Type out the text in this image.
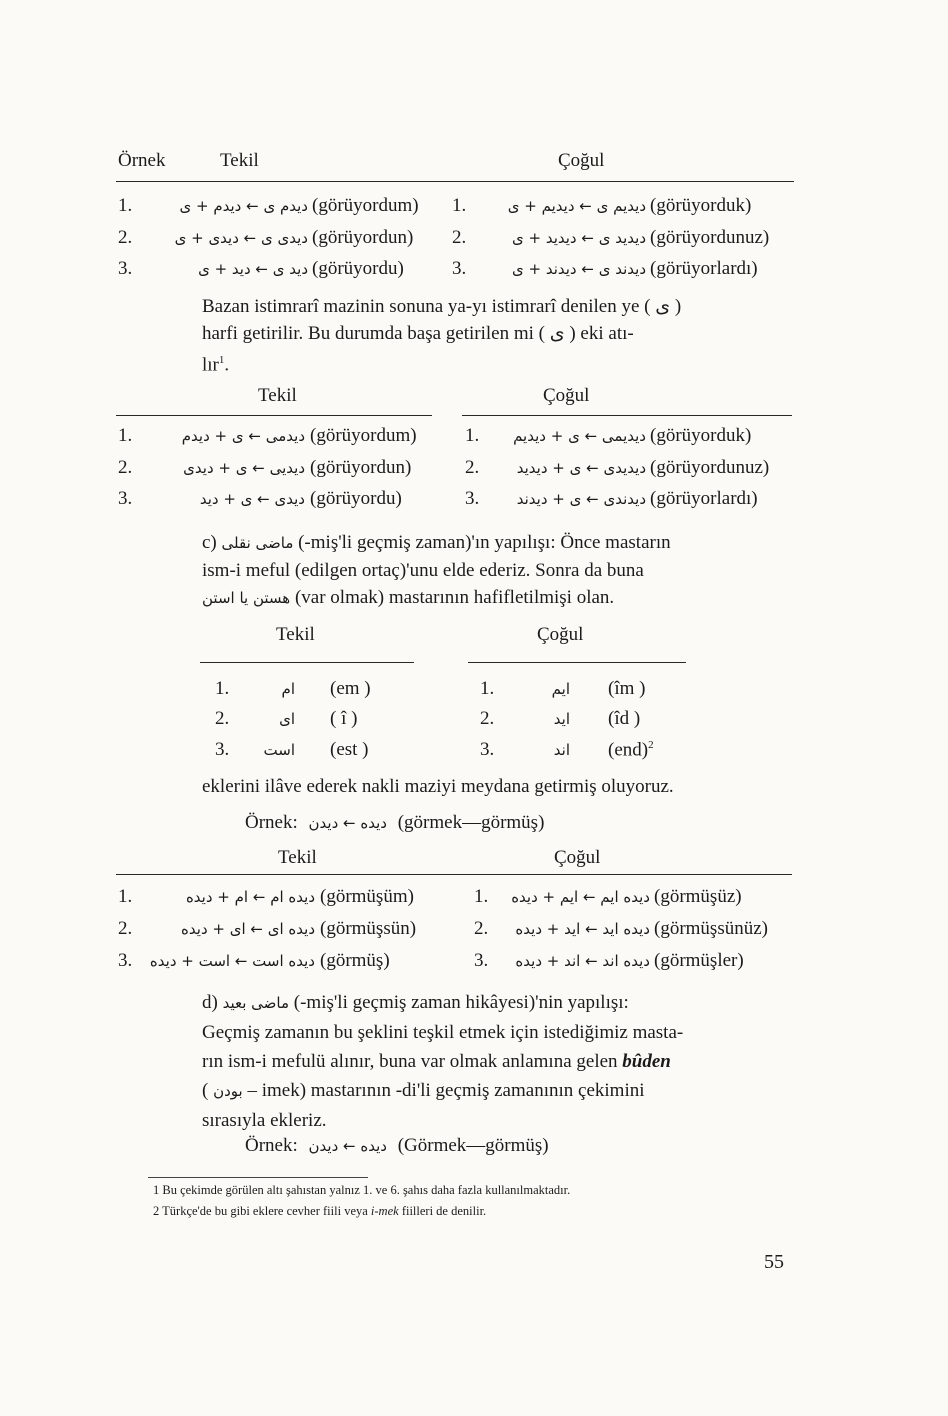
Örnek	Tekil	Çoğul
1.	دیدم ی ← دیدم + ی (görüyordum) 1.	دیدیم ی ← دیدیم + ی (görüyorduk)
2.	دیدی ی ← دیدی + ی (görüyordun) 2.	دیدید ی ← دیدید + ی (görüyordunuz)
3.	دید ی ← دید + ی (görüyordu)	3.	دیدند ی ← دیدند + ی (görüyorlardı)
Bazan istimrarî mazinin sonuna ya-yı istimrarî denilen ye ( ی )
harfi getirilir. Bu durumda başa getirilen mi ( ی ) eki atı-
lır$^1$.
Tekil	Çoğul
1.	دیدمی ← ی + دیدم (görüyordum)	1.	دیدیمی ← ی + دیدیم (görüyorduk)
2.	دیدیی ← ی + دیدی (görüyordun)	2.	دیدیدی ← ی + دیدید (görüyordunuz)
3.	دیدی ← ی + دید (görüyordu)	3.	دیدندی ← ی + دیدند (görüyorlardı)
c) ماضی نقلی (-miş'li geçmiş zaman)'ın yapılışı: Önce mastarın
ism-i meful (edilgen ortaç)'unu elde ederiz. Sonra da buna
هستن یا استن (var olmak) mastarının hafifletilmişi olan.
Tekil	Çoğul
1.	ام (em )	1.	ایم (îm )
2.	ای ( î )	2.	اید (îd )
3.	است (est )	3.	اند (end)$^2$
eklerini ilâve ederek nakli maziyi meydana getirmiş oluyoruz.
Örnek: دیده ← دیدن (görmek—görmüş)
Tekil	Çoğul
1.	دیده ام ← ام + دیده (görmüşüm)	1.	دیده ایم ← ایم + دیده (görmüşüz)
2.	دیده ای ← ای + دیده (görmüşsün)	2.	دیده اید ← اید + دیده (görmüşsünüz)
3.	دیده است ← است + دیده (görmüş)	3.	دیده اند ← اند + دیده (görmüşler)
d) ماضی بعید (-miş'li geçmiş zaman hikâyesi)'nin yapılışı:
Geçmiş zamanın bu şeklini teşkil etmek için istediğimiz masta-
rın ism-i mefulü alınır, buna var olmak anlamına gelen bûden
( بودن – imek) mastarının -di'li geçmiş zamanının çekimini
sırasıyla ekleriz.
Örnek: دیده ← دیدن (Görmek—görmüş)
1 Bu çekimde görülen altı şahıstan yalnız 1. ve 6. şahıs daha fazla kullanılmaktadır.
2 Türkçe'de bu gibi eklere cevher fiili veya i-mek fiilleri de denilir.
55
